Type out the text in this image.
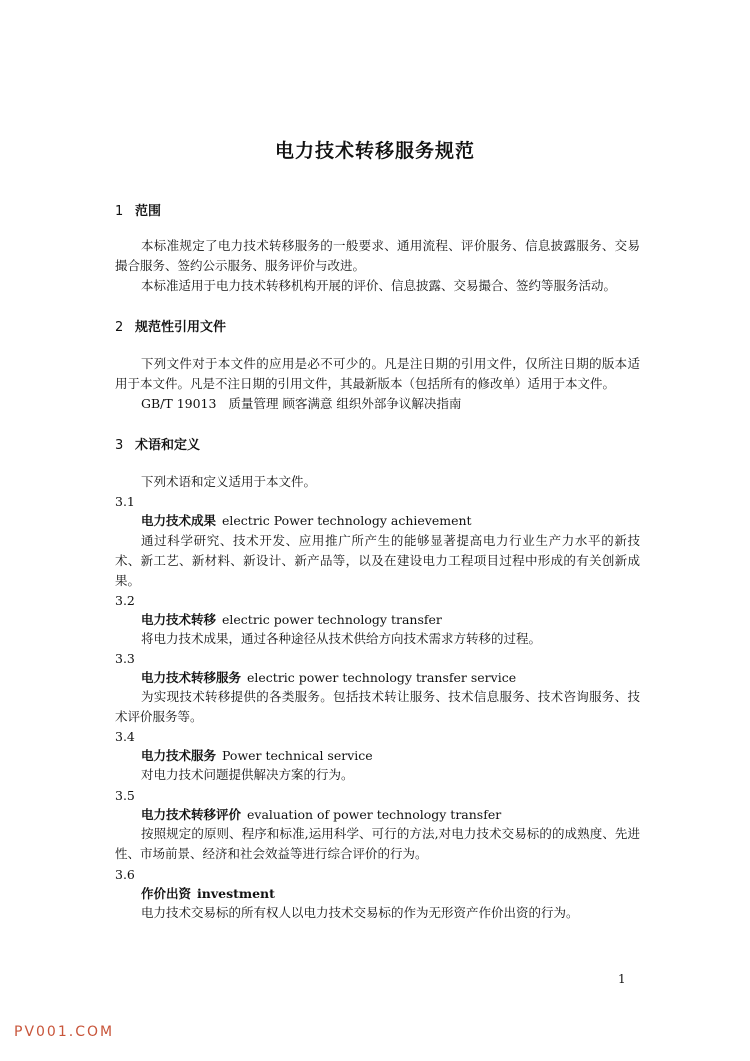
电力技术转移服务规范
1 范围

本标准规定了电力技术转移服务的一般要求、通用流程、评价服务、信息披露服务、交易撮合服务、签约公示服务、服务评价与改进。

本标准适用于电力技术转移机构开展的评价、信息披露、交易撮合、签约等服务活动。

2 规范性引用文件

下列文件对于本文件的应用是必不可少的。凡是注日期的引用文件，仅所注日期的版本适用于本文件。凡是不注日期的引用文件，其最新版本（包括所有的修改单）适用于本文件。

GB/T 19013 质量管理 顾客满意 组织外部争议解决指南
3 术语和定义
下列术语和定义适用于本文件。
3.1
电力技术成果 electric Power technology achievement

通过科学研究、技术开发、应用推广所产生的能够显著提高电力行业生产力水平的新技术、新工艺、新材料、新设计、新产品等，以及在建设电力工程项目过程中形成的有关创新成果。

3.2
电力技术转移 electric power technology transfer

将电力技术成果，通过各种途径从技术供给方向技术需求方转移的过程。

3.3
电力技术转移服务 electric power technology transfer service

为实现技术转移提供的各类服务。包括技术转让服务、技术信息服务、技术咨询服务、技术评价服务等。

3.4
电力技术服务 Power technical service

对电力技术问题提供解决方案的行为。

3.5
电力技术转移评价 evaluation of power technology transfer

按照规定的原则、程序和标准,运用科学、可行的方法,对电力技术交易标的的成熟度、先进性、市场前景、经济和社会效益等进行综合评价的行为。

3.6
作价出资 investment

电力技术交易标的所有权人以电力技术交易标的作为无形资产作价出资的行为。

1
PV001.COM
